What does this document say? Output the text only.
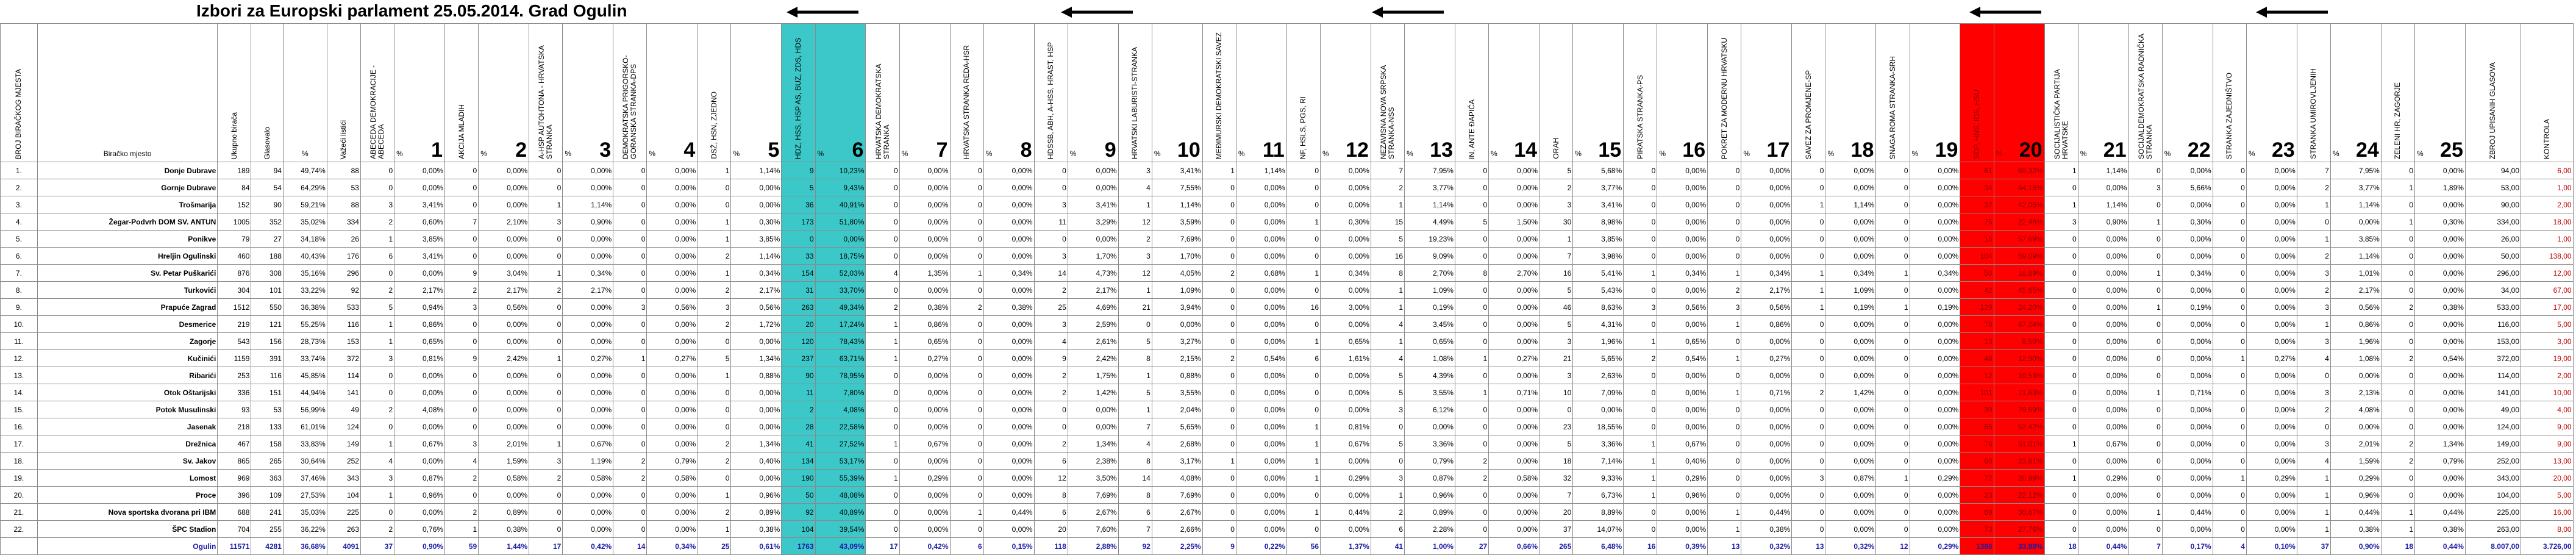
Izbori za Europski parlament 25.05.2014. Grad Ogulin
BROJ BIRAČKOG MJESTA	Biračko mjesto	Ukupno birača	Glasovalo	%	Važeći listići	ABECEDA DEMOKRACIJE - ABECEDA	% 1	AKCIJA MLADIH	% 2	A-HSP AUTOHTONA - HRVATSKA STRANKA	% 3	DEMOKRATSKA PRIGORSKO-GORANSKA STRANKA-DPS	% 4	DSŽ, HSN, ZJEDNO	% 5	HDZ, HSS, HSP AS, BUZ, ZDS, HDS	% 6	HRVATSKA DEMOKRATSKA STRANKA	% 7	HRVATSKA STRANKA REDA-HSR	% 8	HDSSB, ABH, A-HSS, HRAST, HSP	% 9	HRVATSKI LABURISTI-STRANKA	% 10	MEĐIMURSKI DEMOKRATSKI SAVEZ	% 11	NF, HSLS, PGS, RI	% 12	NEZAVISNA NOVA SRPSKA STRANKA-NSS	% 13	IN, ANTE ĐAPIĆA	% 14	ORAH	% 15	PIRATSKA STRANKA-PS	% 16	POKRET ZA MODERNU HRVATSKU	% 17	SAVEZ ZA PROMJENE-SP	% 18	SNAGA ROMA STRANKA-SRH	% 19	SDP, HNS, IDS, HSU	% 20	SOCIJALISTIČKA PARTIJA HRVATSKE	% 21	SOCIJALDEMOKRATSKA RADNIČKA STRANKA	% 22	STRANKA ZAJEDNIŠTVO	% 23	STRANKA UMIROVLJENIH	% 24	ZELENI HR, ZAGORJE	% 25	ZBROJ UPISANIH GLASOVA	KONTROLA

1.	Donje Dubrave	189	94	49,74%	88	0	0,00%	0	0,00%	0	0,00%	0	0,00%	1	1,14%	9	10,23%	0	0,00%	0	0,00%	0	0,00%	3	3,41%	1	1,14%	0	0,00%	7	7,95%	0	0,00%	5	5,68%	0	0,00%	0	0,00%	0	0,00%	0	0,00%	61	69,32%	1	1,14%	0	0,00%	0	0,00%	7	7,95%	0	0,00%	94,00	6,00
2.	Gornje Dubrave	84	54	64,29%	53	0	0,00%	0	0,00%	0	0,00%	0	0,00%	0	0,00%	5	9,43%	0	0,00%	0	0,00%	0	0,00%	4	7,55%	0	0,00%	0	0,00%	2	3,77%	0	0,00%	2	3,77%	0	0,00%	0	0,00%	0	0,00%	0	0,00%	34	64,15%	0	0,00%	3	5,66%	0	0,00%	2	3,77%	1	1,89%	53,00	1,00
3.	Trošmarija	152	90	59,21%	88	3	3,41%	0	0,00%	1	1,14%	0	0,00%	0	0,00%	36	40,91%	0	0,00%	0	0,00%	3	3,41%	1	1,14%	0	0,00%	0	0,00%	1	1,14%	0	0,00%	3	3,41%	0	0,00%	0	0,00%	1	1,14%	0	0,00%	37	42,05%	1	1,14%	0	0,00%	0	0,00%	1	1,14%	0	0,00%	90,00	2,00
4.	Žegar-Podvrh DOM SV. ANTUN	1005	352	35,02%	334	2	0,60%	7	2,10%	3	0,90%	0	0,00%	1	0,30%	173	51,80%	0	0,00%	0	0,00%	11	3,29%	12	3,59%	0	0,00%	1	0,30%	15	4,49%	5	1,50%	30	8,98%	0	0,00%	0	0,00%	0	0,00%	0	0,00%	75	22,46%	3	0,90%	1	0,30%	0	0,00%	0	0,00%	1	0,30%	334,00	18,00
5.	Ponikve	79	27	34,18%	26	1	3,85%	0	0,00%	0	0,00%	0	0,00%	1	3,85%	0	0,00%	0	0,00%	0	0,00%	0	0,00%	2	7,69%	0	0,00%	0	0,00%	5	19,23%	0	0,00%	1	3,85%	0	0,00%	0	0,00%	0	0,00%	0	0,00%	15	57,69%	0	0,00%	0	0,00%	0	0,00%	1	3,85%	0	0,00%	26,00	1,00
6.	Hreljin Ogulinski	460	188	40,43%	176	6	3,41%	0	0,00%	0	0,00%	0	0,00%	2	1,14%	33	18,75%	0	0,00%	0	0,00%	3	1,70%	3	1,70%	0	0,00%	0	0,00%	16	9,09%	0	0,00%	7	3,98%	0	0,00%	0	0,00%	0	0,00%	0	0,00%	104	59,09%	0	0,00%	0	0,00%	0	0,00%	2	1,14%	0	0,00%	50,00	138,00
7.	Sv. Petar Puškarići	876	308	35,16%	296	0	0,00%	9	3,04%	1	0,34%	0	0,00%	1	0,34%	154	52,03%	4	1,35%	1	0,34%	14	4,73%	12	4,05%	2	0,68%	1	0,34%	8	2,70%	8	2,70%	16	5,41%	1	0,34%	1	0,34%	1	0,34%	1	0,34%	50	16,89%	0	0,00%	1	0,34%	0	0,00%	3	1,01%	0	0,00%	296,00	12,00
8.	Turkovići	304	101	33,22%	92	2	2,17%	2	2,17%	2	2,17%	0	0,00%	2	2,17%	31	33,70%	0	0,00%	0	0,00%	2	2,17%	1	1,09%	0	0,00%	0	0,00%	1	1,09%	0	0,00%	5	5,43%	0	0,00%	2	2,17%	1	1,09%	0	0,00%	42	45,65%	0	0,00%	0	0,00%	0	0,00%	2	2,17%	0	0,00%	34,00	67,00
9.	Prapuće Zagrad	1512	550	36,38%	533	5	0,94%	3	0,56%	0	0,00%	3	0,56%	3	0,56%	263	49,34%	2	0,38%	2	0,38%	25	4,69%	21	3,94%	0	0,00%	16	3,00%	1	0,19%	0	0,00%	46	8,63%	3	0,56%	3	0,56%	1	0,19%	1	0,19%	129	24,20%	0	0,00%	1	0,19%	0	0,00%	3	0,56%	2	0,38%	533,00	17,00
10.	Desmerice	219	121	55,25%	116	1	0,86%	0	0,00%	0	0,00%	0	0,00%	2	1,72%	20	17,24%	1	0,86%	0	0,00%	3	2,59%	0	0,00%	0	0,00%	0	0,00%	4	3,45%	0	0,00%	5	4,31%	0	0,00%	1	0,86%	0	0,00%	0	0,00%	78	67,24%	0	0,00%	0	0,00%	0	0,00%	1	0,86%	0	0,00%	116,00	5,00
11.	Zagorje	543	156	28,73%	153	1	0,65%	0	0,00%	0	0,00%	0	0,00%	0	0,00%	120	78,43%	1	0,65%	0	0,00%	4	2,61%	5	3,27%	0	0,00%	1	0,65%	1	0,65%	0	0,00%	3	1,96%	1	0,65%	0	0,00%	0	0,00%	0	0,00%	13	8,50%	0	0,00%	0	0,00%	0	0,00%	3	1,96%	0	0,00%	153,00	3,00
12.	Kučinići	1159	391	33,74%	372	3	0,81%	9	2,42%	1	0,27%	1	0,27%	5	1,34%	237	63,71%	1	0,27%	0	0,00%	9	2,42%	8	2,15%	2	0,54%	6	1,61%	4	1,08%	1	0,27%	21	5,65%	2	0,54%	1	0,27%	0	0,00%	0	0,00%	48	12,90%	0	0,00%	0	0,00%	1	0,27%	4	1,08%	2	0,54%	372,00	19,00
13.	Ribarići	253	116	45,85%	114	0	0,00%	0	0,00%	0	0,00%	0	0,00%	1	0,88%	90	78,95%	0	0,00%	0	0,00%	2	1,75%	1	0,88%	0	0,00%	0	0,00%	5	4,39%	0	0,00%	3	2,63%	0	0,00%	0	0,00%	0	0,00%	0	0,00%	12	10,53%	0	0,00%	0	0,00%	0	0,00%	0	0,00%	0	0,00%	114,00	2,00
14.	Otok Oštarijski	336	151	44,94%	141	0	0,00%	0	0,00%	0	0,00%	0	0,00%	0	0,00%	11	7,80%	0	0,00%	0	0,00%	2	1,42%	5	3,55%	0	0,00%	0	0,00%	5	3,55%	1	0,71%	10	7,09%	0	0,00%	1	0,71%	2	1,42%	0	0,00%	101	71,63%	0	0,00%	1	0,71%	0	0,00%	3	2,13%	0	0,00%	141,00	10,00
15.	Potok Musulinski	93	53	56,99%	49	2	4,08%	0	0,00%	0	0,00%	0	0,00%	0	0,00%	2	4,08%	0	0,00%	0	0,00%	0	0,00%	1	2,04%	0	0,00%	0	0,00%	3	6,12%	0	0,00%	0	0,00%	0	0,00%	0	0,00%	0	0,00%	0	0,00%	39	79,59%	0	0,00%	0	0,00%	0	0,00%	2	4,08%	0	0,00%	49,00	4,00
16.	Jasenak	218	133	61,01%	124	0	0,00%	0	0,00%	0	0,00%	0	0,00%	0	0,00%	28	22,58%	0	0,00%	0	0,00%	0	0,00%	7	5,65%	0	0,00%	1	0,81%	0	0,00%	0	0,00%	23	18,55%	0	0,00%	0	0,00%	0	0,00%	0	0,00%	65	52,42%	0	0,00%	0	0,00%	0	0,00%	0	0,00%	0	0,00%	124,00	9,00
17.	Drežnica	467	158	33,83%	149	1	0,67%	3	2,01%	1	0,67%	0	0,00%	2	1,34%	41	27,52%	1	0,67%	0	0,00%	2	1,34%	4	2,68%	0	0,00%	1	0,67%	5	3,36%	0	0,00%	5	3,36%	1	0,67%	0	0,00%	0	0,00%	0	0,00%	76	51,01%	1	0,67%	0	0,00%	0	0,00%	3	2,01%	2	1,34%	149,00	9,00
18.	Sv. Jakov	865	265	30,64%	252	4	0,00%	4	1,59%	3	1,19%	2	0,79%	2	0,40%	134	53,17%	0	0,00%	0	0,00%	6	2,38%	8	3,17%	1	0,00%	1	0,00%	0	0,79%	2	0,00%	18	7,14%	1	0,40%	0	0,00%	0	0,00%	0	0,00%	60	23,81%	0	0,00%	0	0,00%	0	0,00%	4	1,59%	2	0,79%	252,00	13,00
19.	Lomost	969	363	37,46%	343	3	0,87%	2	0,58%	2	0,58%	2	0,58%	0	0,00%	190	55,39%	1	0,29%	0	0,00%	12	3,50%	14	4,08%	0	0,00%	1	0,29%	3	0,87%	2	0,58%	32	9,33%	1	0,29%	0	0,00%	3	0,87%	1	0,29%	72	20,99%	1	0,29%	0	0,00%	1	0,29%	1	0,29%	0	0,00%	343,00	20,00
20.	Proce	396	109	27,53%	104	1	0,96%	0	0,00%	0	0,00%	0	0,00%	1	0,96%	50	48,08%	0	0,00%	0	0,00%	8	7,69%	8	7,69%	0	0,00%	0	0,00%	1	0,96%	0	0,00%	7	6,73%	1	0,96%	0	0,00%	0	0,00%	0	0,00%	23	22,12%	0	0,00%	0	0,00%	0	0,00%	1	0,96%	0	0,00%	104,00	5,00
21.	Nova sportska dvorana pri IBM	688	241	35,03%	225	0	0,00%	2	0,89%	0	0,00%	0	0,00%	2	0,89%	92	40,89%	0	0,00%	1	0,44%	6	2,67%	6	2,67%	0	0,00%	1	0,44%	2	0,89%	0	0,00%	20	8,89%	0	0,00%	1	0,44%	0	0,00%	0	0,00%	69	30,67%	0	0,00%	1	0,44%	0	0,00%	1	0,44%	1	0,44%	225,00	16,00
22.	ŠPC Stadion	704	255	36,22%	263	2	0,76%	1	0,38%	0	0,00%	0	0,00%	1	0,38%	104	39,54%	0	0,00%	0	0,00%	20	7,60%	7	2,66%	0	0,00%	0	0,00%	6	2,28%	0	0,00%	37	14,07%	0	0,00%	1	0,38%	0	0,00%	0	0,00%	73	27,76%	0	0,00%	0	0,00%	0	0,00%	1	0,38%	1	0,38%	263,00	8,00
	Ogulin	11571	4281	36,68%	4091	37	0,90%	59	1,44%	17	0,42%	14	0,34%	25	0,61%	1763	43,09%	17	0,42%	6	0,15%	118	2,88%	92	2,25%	9	0,22%	56	1,37%	41	1,00%	27	0,66%	265	6,48%	16	0,39%	13	0,32%	13	0,32%	12	0,29%	1386	33,88%	18	0,44%	7	0,17%	4	0,10%	37	0,90%	18	0,44%	8.007,00	3.726,00
